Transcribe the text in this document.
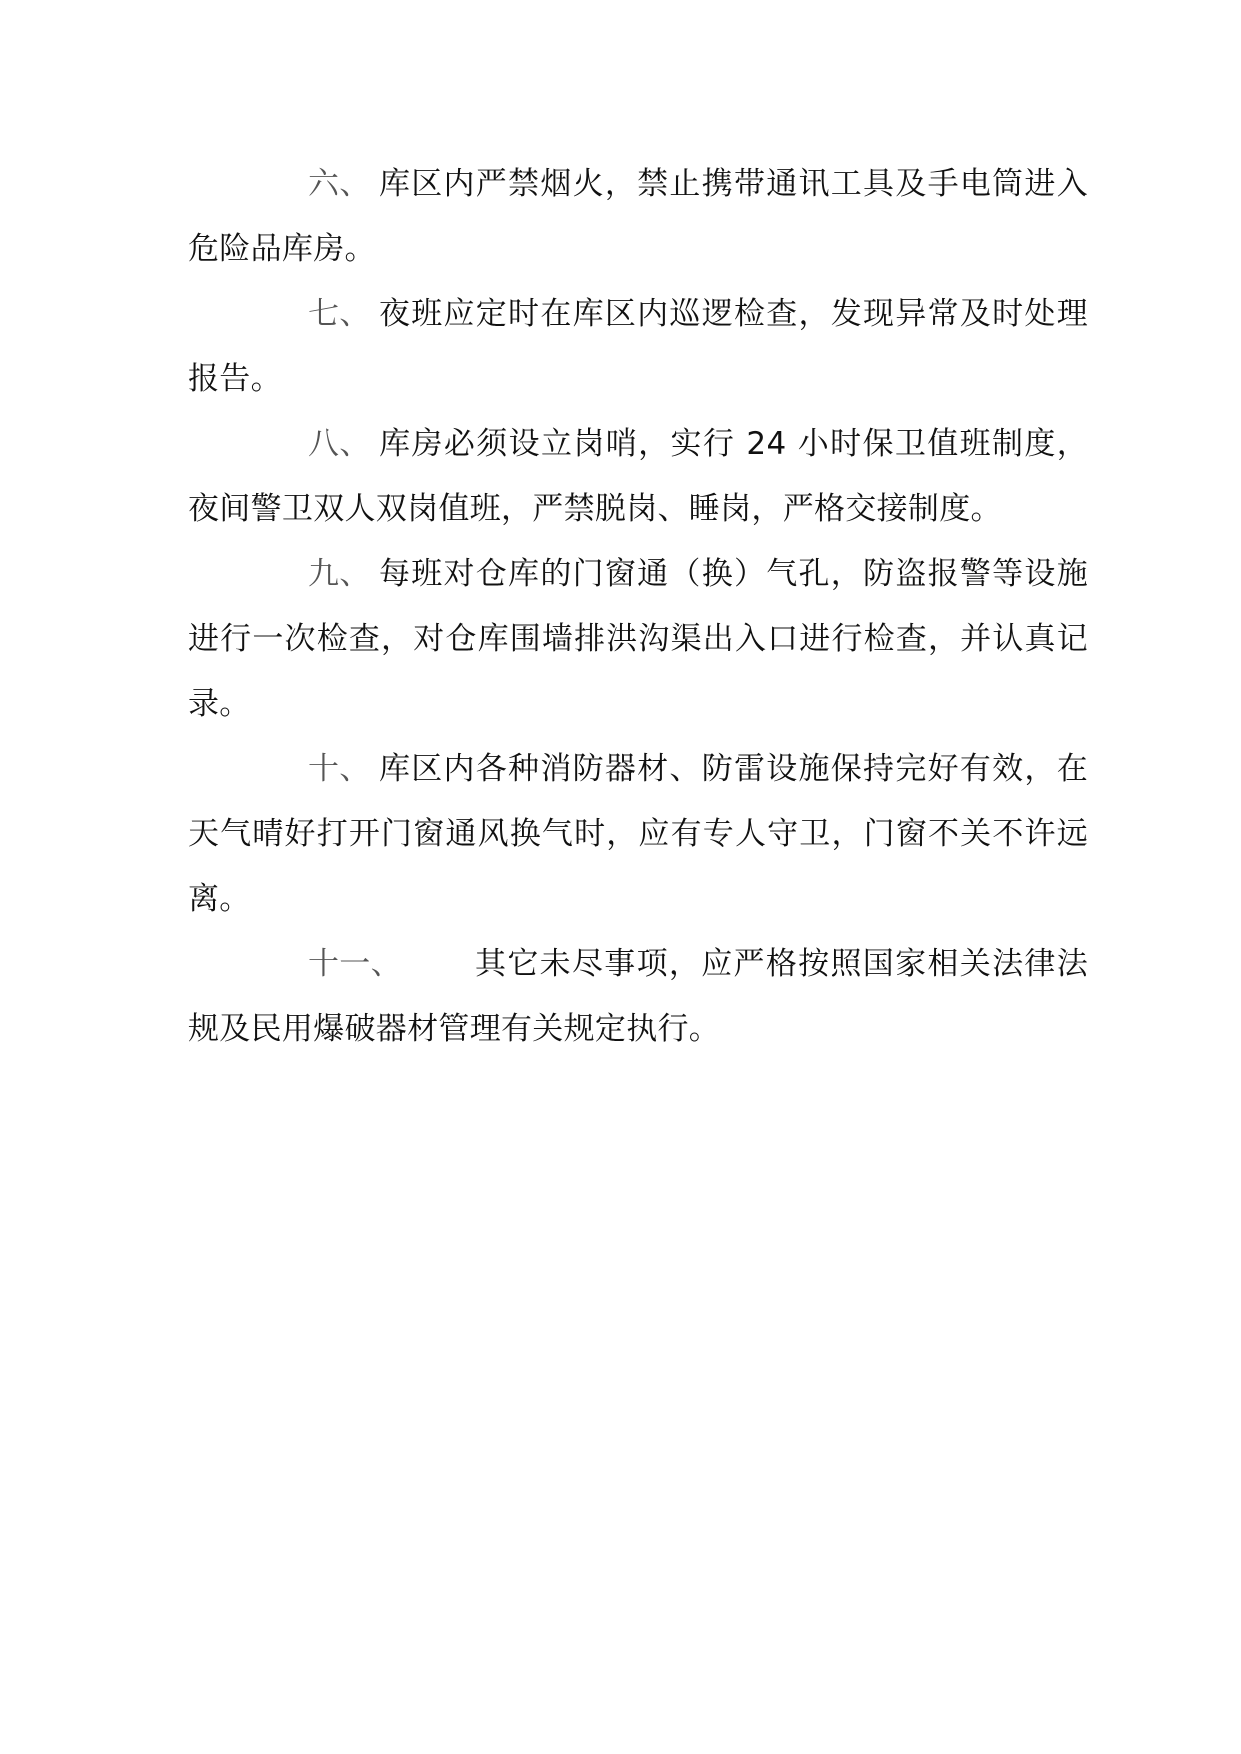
六、 库区内严禁烟火，禁止携带通讯工具及手电筒进入危险品库房。

七、 夜班应定时在库区内巡逻检查，发现异常及时处理报告。

八、 库房必须设立岗哨，实行 24 小时保卫值班制度，夜间警卫双人双岗值班，严禁脱岗、睡岗，严格交接制度。

九、 每班对仓库的门窗通（换）气孔，防盗报警等设施进行一次检查，对仓库围墙排洪沟渠出入口进行检查，并认真记录。

十、 库区内各种消防器材、防雷设施保持完好有效，在天气晴好打开门窗通风换气时，应有专人守卫，门窗不关不许远离。

十一、 其它未尽事项，应严格按照国家相关法律法规及民用爆破器材管理有关规定执行。
